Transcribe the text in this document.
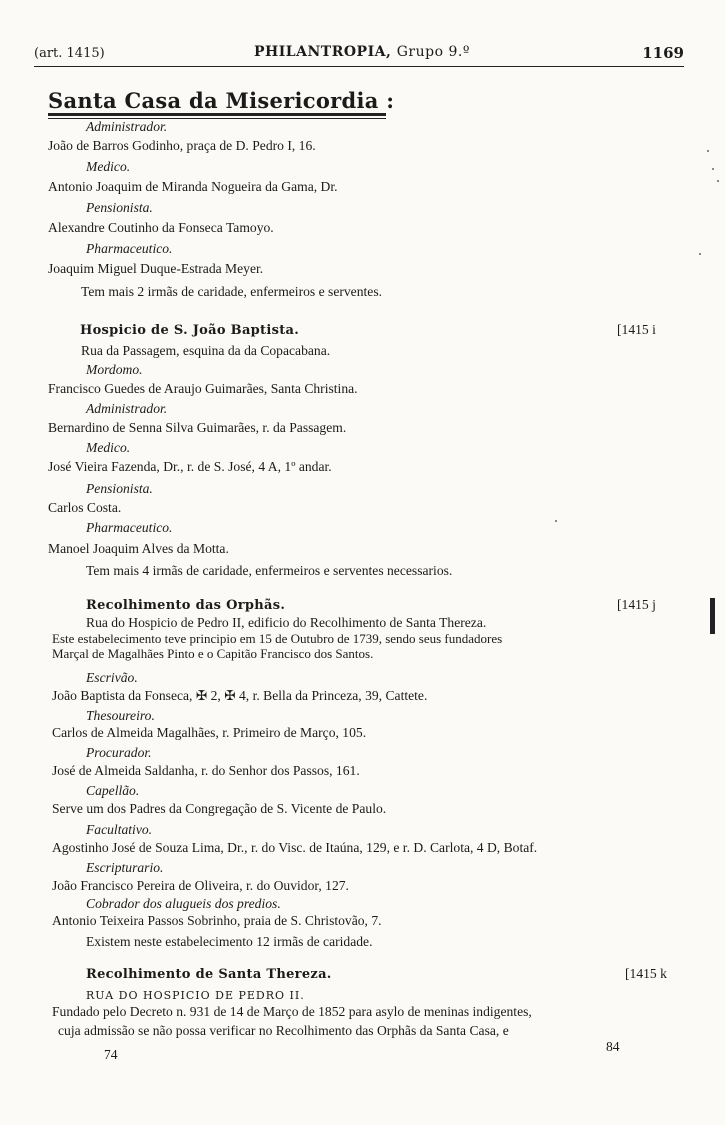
(art. 1415)	PHILANTROPIA, Grupo 9.º	1169
Santa Casa da Misericordia :
Administrador.
João de Barros Godinho, praça de D. Pedro I, 16.
Medico.
Antonio Joaquim de Miranda Nogueira da Gama, Dr.
Pensionista.
Alexandre Coutinho da Fonseca Tamoyo.
Pharmaceutico.
Joaquim Miguel Duque-Estrada Meyer.
Tem mais 2 irmãs de caridade, enfermeiros e serventes.
Hospicio de S. João Baptista.	[1415 i
Rua da Passagem, esquina da da Copacabana.
Mordomo.
Francisco Guedes de Araujo Guimarães, Santa Christina.
Administrador.
Bernardino de Senna Silva Guimarães, r. da Passagem.
Medico.
José Vieira Fazenda, Dr., r. de S. José, 4 A, 1º andar.
Pensionista.
Carlos Costa.
Pharmaceutico.
Manoel Joaquim Alves da Motta.
Tem mais 4 irmãs de caridade, enfermeiros e serventes necessarios.
Recolhimento das Orphãs.	[1415 j
Rua do Hospicio de Pedro II, edificio do Recolhimento de Santa Thereza.
Este estabelecimento teve principio em 15 de Outubro de 1739, sendo seus fundadores
Marçal de Magalhães Pinto e o Capitão Francisco dos Santos.
Escrivão.
João Baptista da Fonseca, ✠ 2, ✠ 4, r. Bella da Princeza, 39, Cattete.
Thesoureiro.
Carlos de Almeida Magalhães, r. Primeiro de Março, 105.
Procurador.
José de Almeida Saldanha, r. do Senhor dos Passos, 161.
Capellão.
Serve um dos Padres da Congregação de S. Vicente de Paulo.
Facultativo.
Agostinho José de Souza Lima, Dr., r. do Visc. de Itaúna, 129, e r. D. Carlota, 4 D, Botaf.
Escripturario.
João Francisco Pereira de Oliveira, r. do Ouvidor, 127.
Cobrador dos alugueis dos predios.
Antonio Teixeira Passos Sobrinho, praia de S. Christovão, 7.
Existem neste estabelecimento 12 irmãs de caridade.
Recolhimento de Santa Thereza.	[1415 k
RUA DO HOSPICIO DE PEDRO II.
Fundado pelo Decreto n. 931 de 14 de Março de 1852 para asylo de meninas indigentes,
cuja admissão se não possa verificar no Recolhimento das Orphãs da Santa Casa, e
74
84
